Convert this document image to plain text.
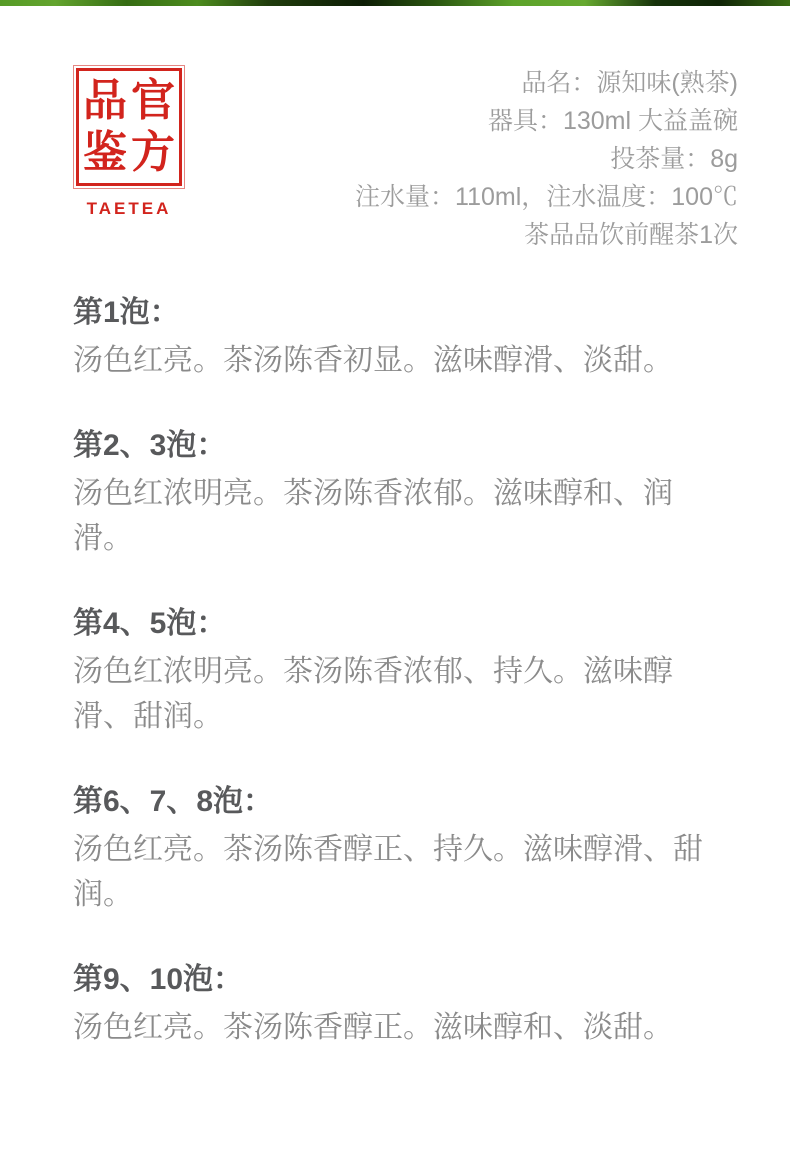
品 官
鉴 方
TAETEA
品名：源知味(熟茶)
器具：130ml 大益盖碗
投茶量：8g
注水量：110ml，注水温度：100℃
茶品品饮前醒茶1次
第1泡：
汤色红亮。茶汤陈香初显。滋味醇滑、淡甜。
第2、3泡：
汤色红浓明亮。茶汤陈香浓郁。滋味醇和、润滑。
第4、5泡：
汤色红浓明亮。茶汤陈香浓郁、持久。滋味醇滑、甜润。
第6、7、8泡：
汤色红亮。茶汤陈香醇正、持久。滋味醇滑、甜润。
第9、10泡：
汤色红亮。茶汤陈香醇正。滋味醇和、淡甜。
